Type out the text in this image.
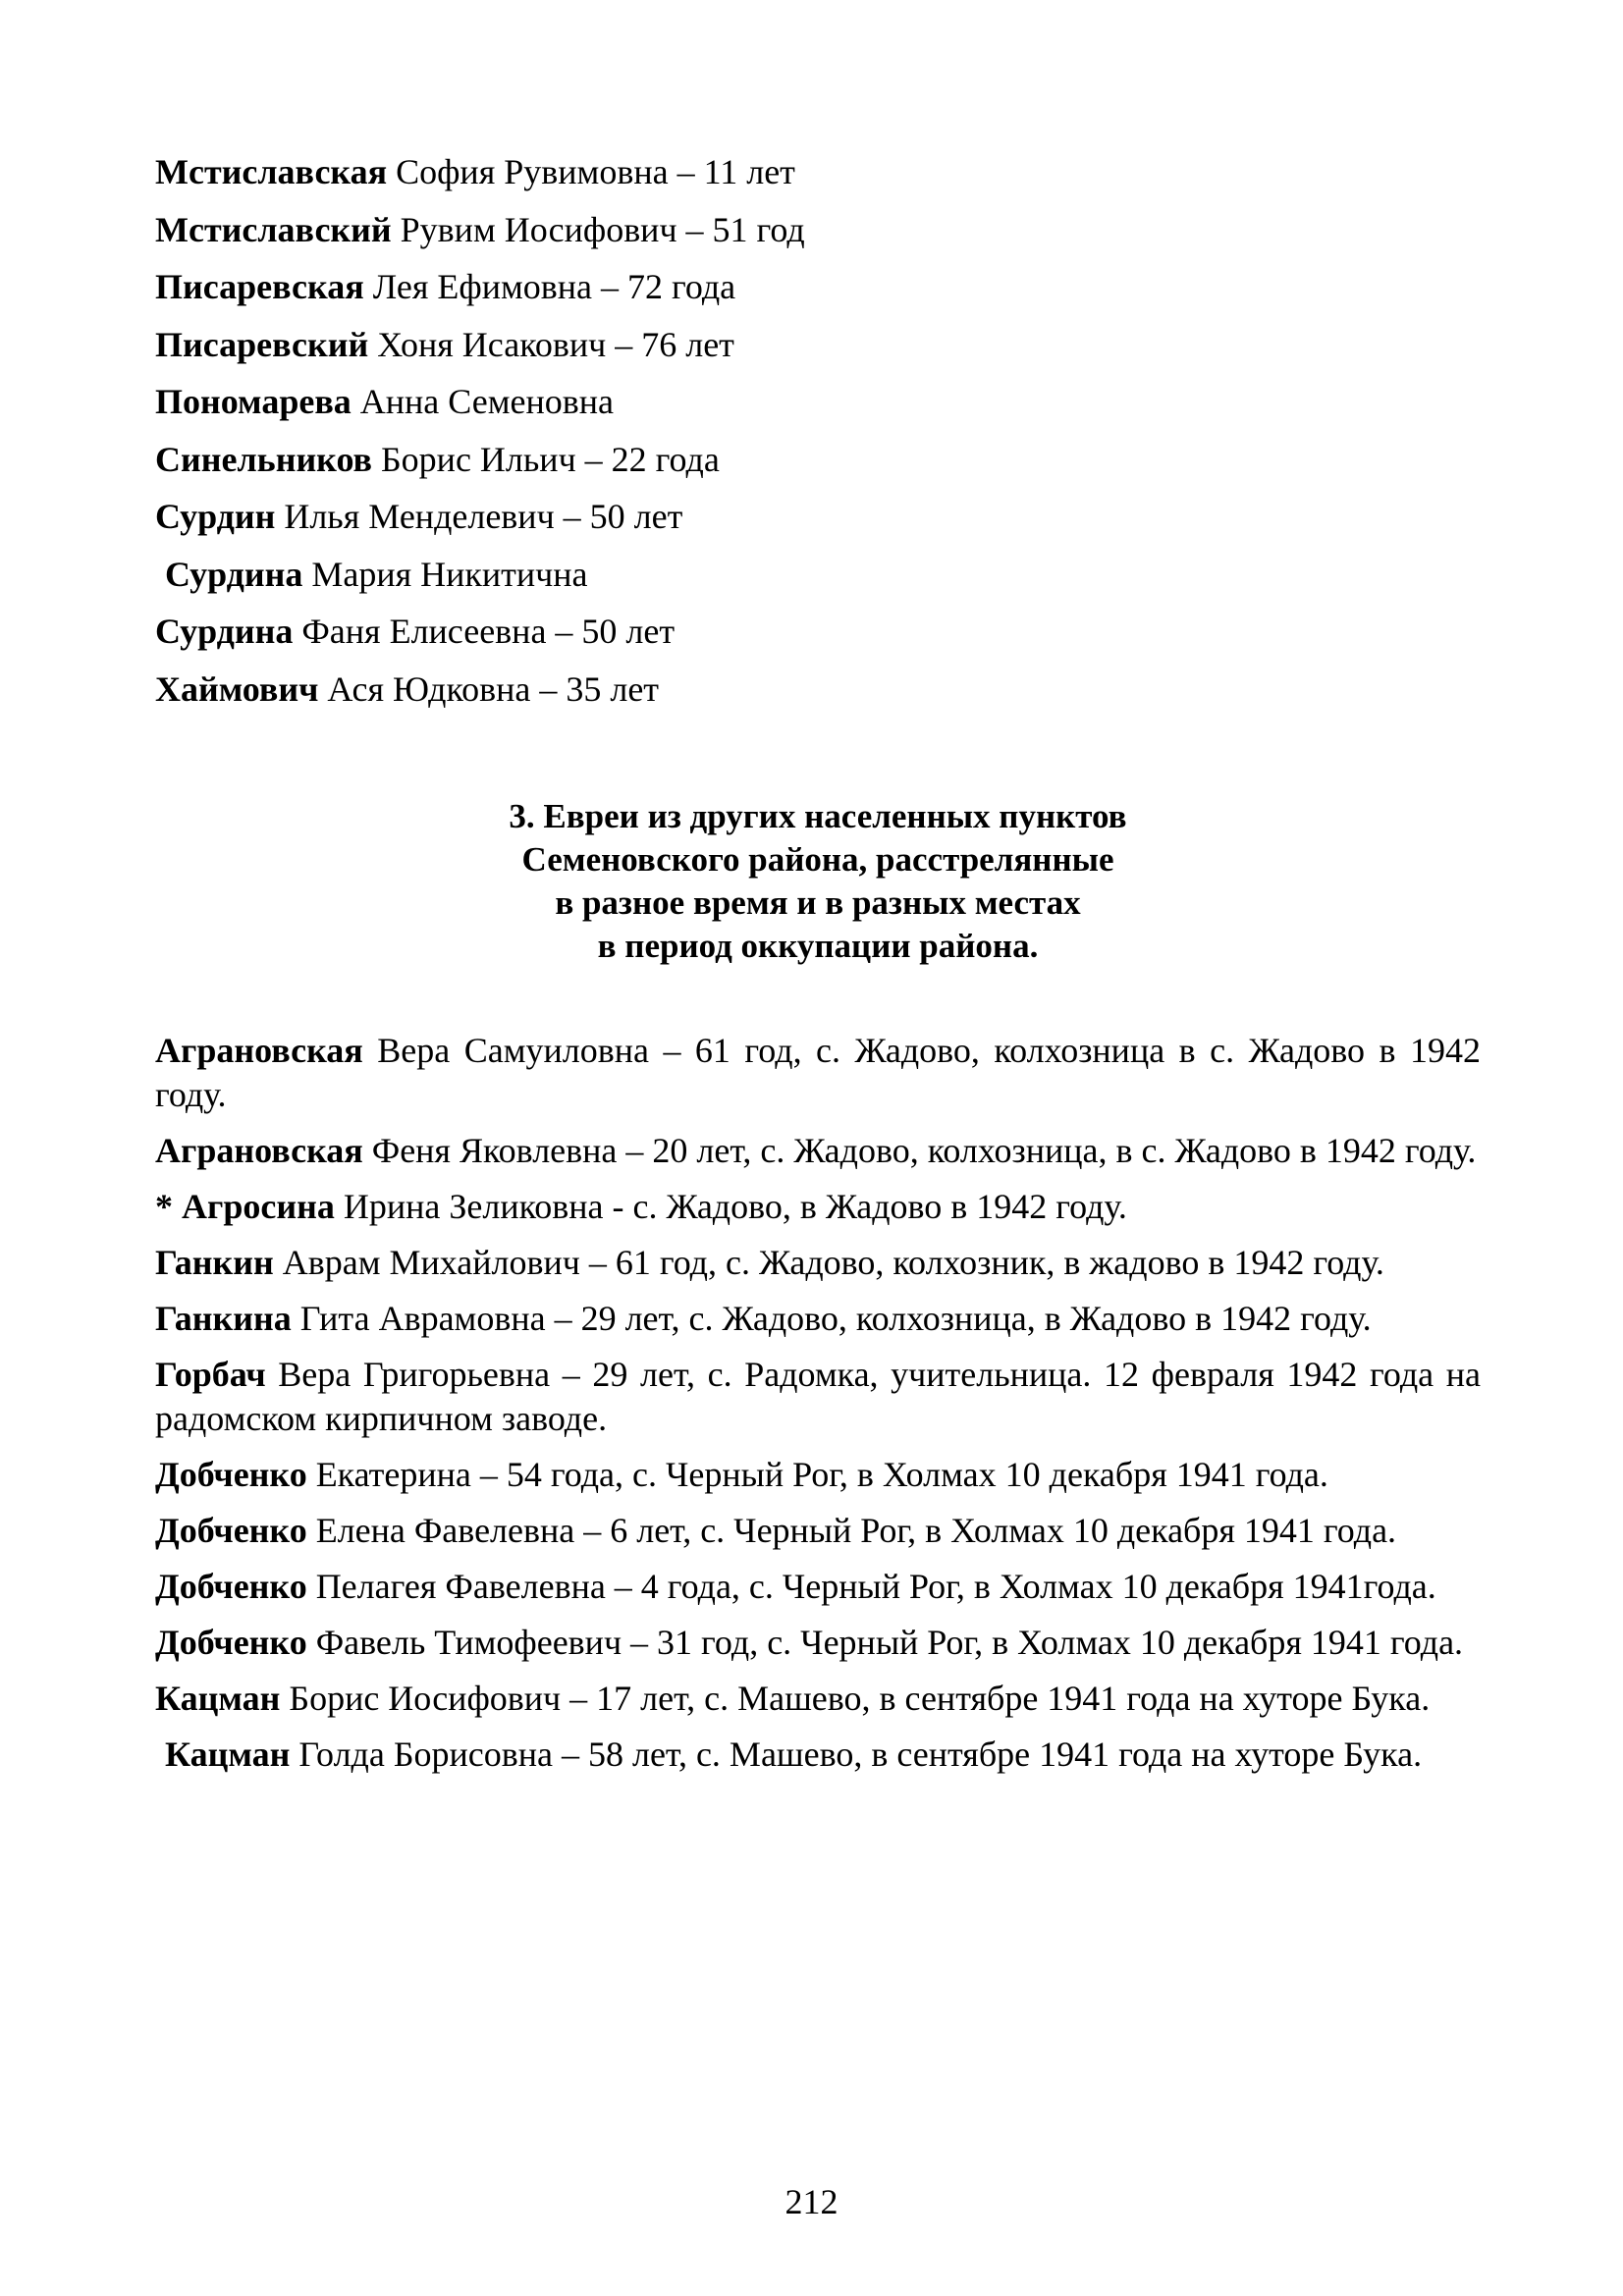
Мстиславская София Рувимовна – 11 лет
Мстиславский Рувим Иосифович – 51 год
Писаревская Лея Ефимовна – 72 года
Писаревский Хоня Исакович – 76 лет
Пономарева Анна Семеновна
Синельников Борис Ильич – 22 года
Сурдин Илья Менделевич – 50 лет
Сурдина Мария Никитична
Сурдина Фаня Елисеевна – 50 лет
Хаймович Ася Юдковна – 35 лет
3. Евреи из других населенных пунктов
Семеновского района, расстрелянные
в разное время и в разных местах
в период оккупации района.
Аграновская Вера Самуиловна – 61 год, с. Жадово, колхозница в с. Жадово в 1942 году.
Аграновская Феня Яковлевна – 20 лет, с. Жадово, колхозница, в с. Жадово в 1942 году.
* Агросина Ирина Зеликовна - с. Жадово, в Жадово в 1942 году.
Ганкин Аврам Михайлович – 61 год, с. Жадово, колхозник, в жадово в 1942 году.
Ганкина Гита Аврамовна – 29 лет, с. Жадово, колхозница, в Жадово в 1942 году.
Горбач Вера Григорьевна – 29 лет, с. Радомка, учительница. 12 февраля 1942 года на радомском кирпичном заводе.
Добченко Екатерина – 54 года, с. Черный Рог, в Холмах 10 декабря 1941 года.
Добченко Елена Фавелевна – 6 лет, с. Черный Рог, в Холмах 10 декабря 1941 года.
Добченко Пелагея Фавелевна – 4 года, с. Черный Рог, в Холмах 10 декабря 1941года.
Добченко Фавель Тимофеевич – 31 год, с. Черный Рог, в Холмах 10 декабря 1941 года.
Кацман Борис Иосифович – 17 лет, с. Машево, в сентябре 1941 года на хуторе Бука.
Кацман Голда Борисовна – 58 лет, с. Машево, в сентябре 1941 года на хуторе Бука.
212
